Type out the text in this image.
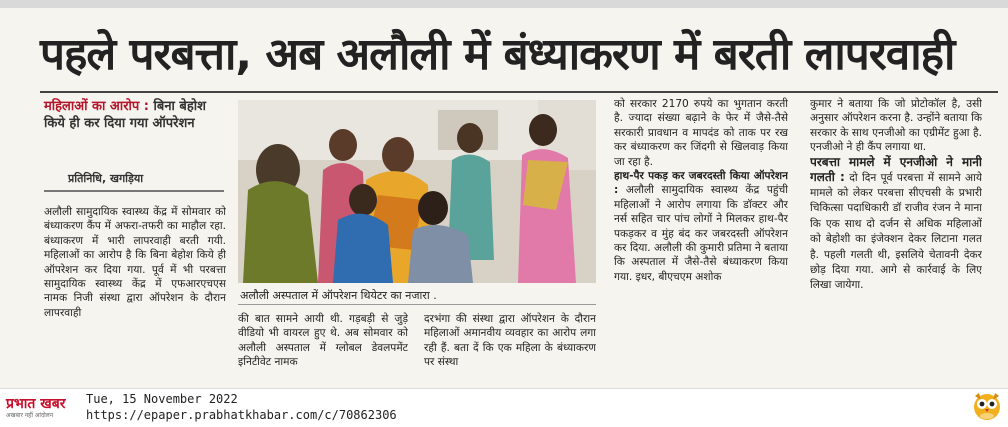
पहले परबत्ता, अब अलौली में बंध्याकरण में बरती लापरवाही
महिलाओं का आरोप : बिना बेहोश किये ही कर दिया गया ऑपरेशन
प्रतिनिधि, खगड़िया

अलौली सामुदायिक स्वास्थ्य केंद्र में सोमवार को बंध्याकरण कैंप में अफरा-तफरी का माहौल रहा. बंध्याकरण में भारी लापरवाही बरती गयी. महिलाओं का आरोप है कि बिना बेहोश किये ही ऑपरेशन कर दिया गया. पूर्व में भी परबत्ता सामुदायिक स्वास्थ्य केंद्र में एफआरएचएस नामक निजी संस्था द्वारा ऑपरेशन के दौरान लापरवाही

अलौली अस्पताल में ऑपरेशन थियेटर का नजारा .

की बात सामने आयी थी. गड़बड़ी से जुड़े वीडियो भी वायरल हुए थे. अब सोमवार को अलौली अस्पताल में ग्लोबल डेवलपमेंट इनिटीवेट नामक

दरभंगा की संस्था द्वारा ऑपरेशन के दौरान महिलाओं अमानवीय व्यवहार का आरोप लगा रही हैं. बता दें कि एक महिला के बंध्याकरण पर संस्था

को सरकार 2170 रुपये का भुगतान करती है. ज्यादा संख्या बढ़ाने के फेर में जैसे-तैसे सरकारी प्रावधान व मापदंड को ताक पर रख कर बंध्याकरण कर जिंदगी से खिलवाड़ किया जा रहा है.

हाथ-पैर पकड़ कर जबरदस्ती किया ऑपरेशन : अलौली सामुदायिक स्वास्थ्य केंद्र पहुंची महिलाओं ने आरोप लगाया कि डॉक्टर और नर्स सहित चार पांच लोगों ने मिलकर हाथ-पैर पकड़कर व मुंह बंद कर जबरदस्ती ऑपरेशन कर दिया. अलौली की कुमारी प्रतिमा ने बताया कि अस्पताल में जैसे-तैसे बंध्याकरण किया गया. इधर, बीएचएम अशोक

कुमार ने बताया कि जो प्रोटोकॉल है, उसी अनुसार ऑपरेशन करना है. उन्होंने बताया कि सरकार के साथ एनजीओ का एग्रीमेंट हुआ है. एनजीओ ने ही कैंप लगाया था.

परबत्ता मामले में एनजीओ ने मानी गलती : दो दिन पूर्व परबत्ता में सामने आये मामले को लेकर परबत्ता सीएचसी के प्रभारी चिकित्सा पदाधिकारी डॉ राजीव रंजन ने माना कि एक साथ दो दर्जन से अधिक महिलाओं को बेहोशी का इंजेक्शन देकर लिटाना गलत है. पहली गलती थी, इसलिये चेतावनी देकर छोड़ दिया गया. आगे से कार्रवाई के लिए लिखा जायेगा.

प्रभात खबर
अखबार नहीं आंदोलन
Tue, 15 November 2022
https://epaper.prabhatkhabar.com/c/70862306
